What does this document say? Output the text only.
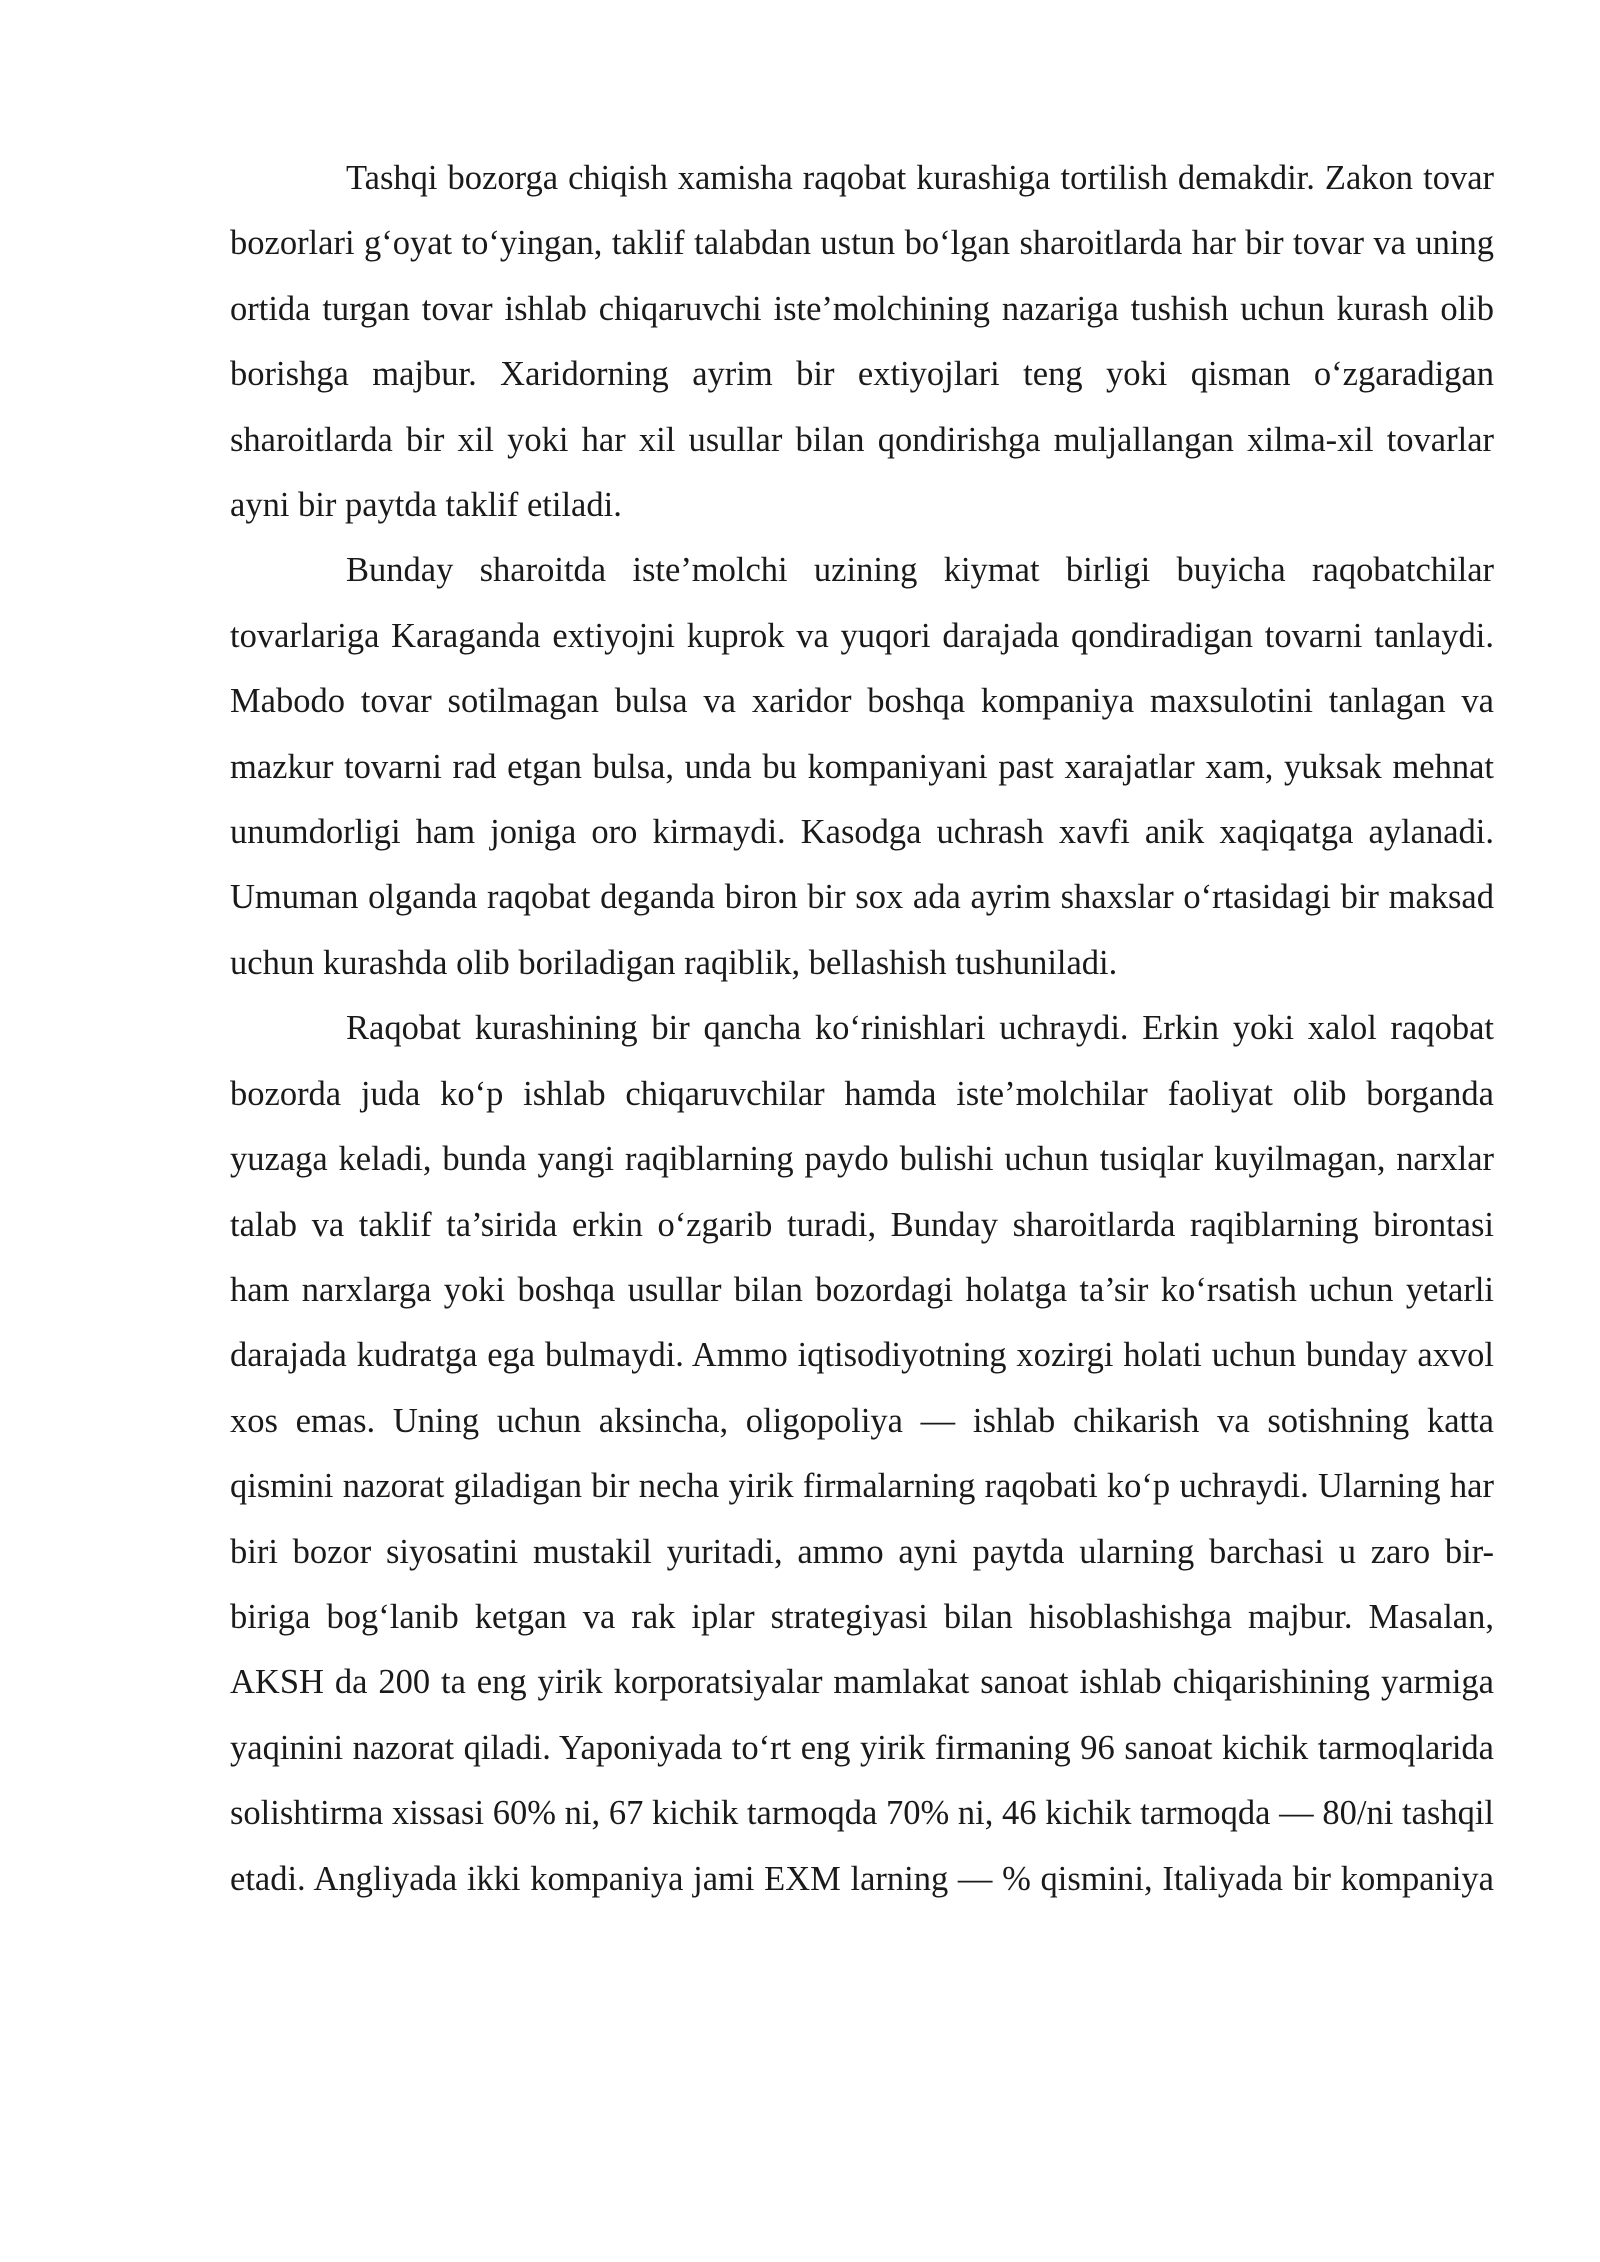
Tashqi bozorga chiqish xamisha raqobat kurashiga tortilish demakdir. Zakon tovar bozorlari g‘oyat to‘yingan, taklif talabdan ustun bo‘lgan sharoitlarda har bir tovar va uning ortida turgan tovar ishlab chiqaruvchi iste’molchining nazariga tushish uchun kurash olib borishga majbur. Xaridorning ayrim bir extiyojlari teng yoki qisman o‘zgaradigan sharoitlarda bir xil yoki har xil usullar bilan qondirishga muljallangan xilma-xil tovarlar ayni bir paytda taklif etiladi.

Bunday sharoitda iste’molchi uzining kiymat birligi buyicha raqobatchilar tovarlariga Karaganda extiyojni kuprok va yuqori darajada qondiradigan tovarni tanlaydi. Mabodo tovar sotilmagan bulsa va xaridor boshqa kompaniya maxsulotini tanlagan va mazkur tovarni rad etgan bulsa, unda bu kompaniyani past xarajatlar xam, yuksak mehnat unumdorligi ham joniga oro kirmaydi. Kasodga uchrash xavfi anik xaqiqatga aylanadi. Umuman olganda raqobat deganda biron bir sox ada ayrim shaxslar o‘rtasidagi bir maksad uchun kurashda olib boriladigan raqiblik, bellashish tushuniladi.

Raqobat kurashining bir qancha ko‘rinishlari uchraydi. Erkin yoki xalol raqobat bozorda juda ko‘p ishlab chiqaruvchilar hamda iste’molchilar faoliyat olib borganda yuzaga keladi, bunda yangi raqiblarning paydo bulishi uchun tusiqlar kuyilmagan, narxlar talab va taklif ta’sirida erkin o‘zgarib turadi, Bunday sharoitlarda raqiblarning birontasi ham narxlarga yoki boshqa usullar bilan bozordagi holatga ta’sir ko‘rsatish uchun yetarli darajada kudratga ega bulmaydi. Ammo iqtisodiyotning xozirgi holati uchun bunday axvol xos emas. Uning uchun aksincha, oligopoliya — ishlab chikarish va sotishning katta qismini nazorat giladigan bir necha yirik firmalarning raqobati ko‘p uchraydi. Ularning har biri bozor siyosatini mustakil yuritadi, ammo ayni paytda ularning barchasi u zaro bir-biriga bog‘lanib ketgan va rak iplar strategiyasi bilan hisoblashishga majbur. Masalan, AKSH da 200 ta eng yirik korporatsiyalar mamlakat sanoat ishlab chiqarishining yarmiga yaqinini nazorat qiladi. Yaponiyada to‘rt eng yirik firmaning 96 sanoat kichik tarmoqlarida solishtirma xissasi 60% ni, 67 kichik tarmoqda 70% ni, 46 kichik tarmoqda — 80/ni tashqil etadi. Angliyada ikki kompaniya jami EXM larning — % qismini, Italiyada bir kompaniya
